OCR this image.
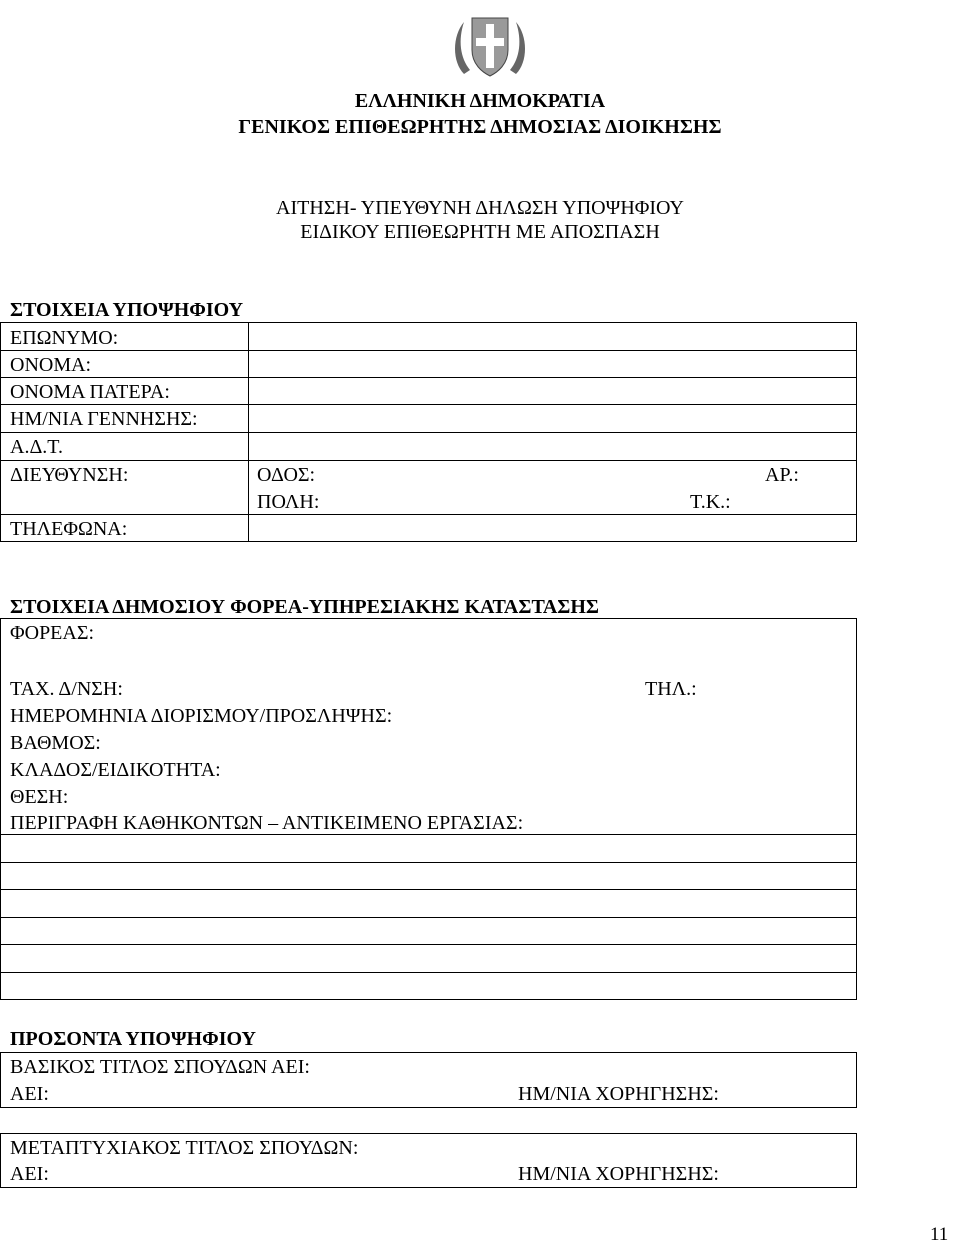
ΕΛΛΗΝΙΚΗ ΔΗΜΟΚΡΑΤΙΑ
ΓΕΝΙΚΟΣ ΕΠΙΘΕΩΡΗΤΗΣ ΔΗΜΟΣΙΑΣ ΔΙΟΙΚΗΣΗΣ
ΑΙΤΗΣΗ- ΥΠΕΥΘΥΝΗ ΔΗΛΩΣΗ ΥΠΟΨΗΦΙΟΥ
ΕΙΔΙΚΟΥ ΕΠΙΘΕΩΡΗΤΗ ΜΕ ΑΠΟΣΠΑΣΗ
ΣΤΟΙΧΕΙΑ ΥΠΟΨΗΦΙΟΥ
ΕΠΩΝΥΜΟ:
ΟΝΟΜΑ:
ΟΝΟΜΑ ΠΑΤΕΡΑ:
ΗΜ/ΝΙΑ ΓΕΝΝΗΣΗΣ:
Α.Δ.Τ.
ΔΙΕΥΘΥΝΣΗ:	ΟΔΟΣ:	ΑΡ.:
ΠΟΛΗ:	Τ.Κ.:
ΤΗΛΕΦΩΝΑ:
ΣΤΟΙΧΕΙΑ ΔΗΜΟΣΙΟΥ ΦΟΡΕΑ-ΥΠΗΡΕΣΙΑΚΗΣ ΚΑΤΑΣΤΑΣΗΣ
ΦΟΡΕΑΣ:
ΤΑΧ. Δ/ΝΣΗ:	ΤΗΛ.:
ΗΜΕΡΟΜΗΝΙΑ ΔΙΟΡΙΣΜΟΥ/ΠΡΟΣΛΗΨΗΣ:
ΒΑΘΜΟΣ:
ΚΛΑΔΟΣ/ΕΙΔΙΚΟΤΗΤΑ:
ΘΕΣΗ:
ΠΕΡΙΓΡΑΦΗ ΚΑΘΗΚΟΝΤΩΝ – ΑΝΤΙΚΕΙΜΕΝΟ ΕΡΓΑΣΙΑΣ:
ΠΡΟΣΟΝΤΑ ΥΠΟΨΗΦΙΟΥ
ΒΑΣΙΚΟΣ ΤΙΤΛΟΣ ΣΠΟΥΔΩΝ ΑΕΙ:
ΑΕΙ:	ΗΜ/ΝΙΑ ΧΟΡΗΓΗΣΗΣ:
ΜΕΤΑΠΤΥΧΙΑΚΟΣ ΤΙΤΛΟΣ ΣΠΟΥΔΩΝ:
ΑΕΙ:	ΗΜ/ΝΙΑ ΧΟΡΗΓΗΣΗΣ:
11
